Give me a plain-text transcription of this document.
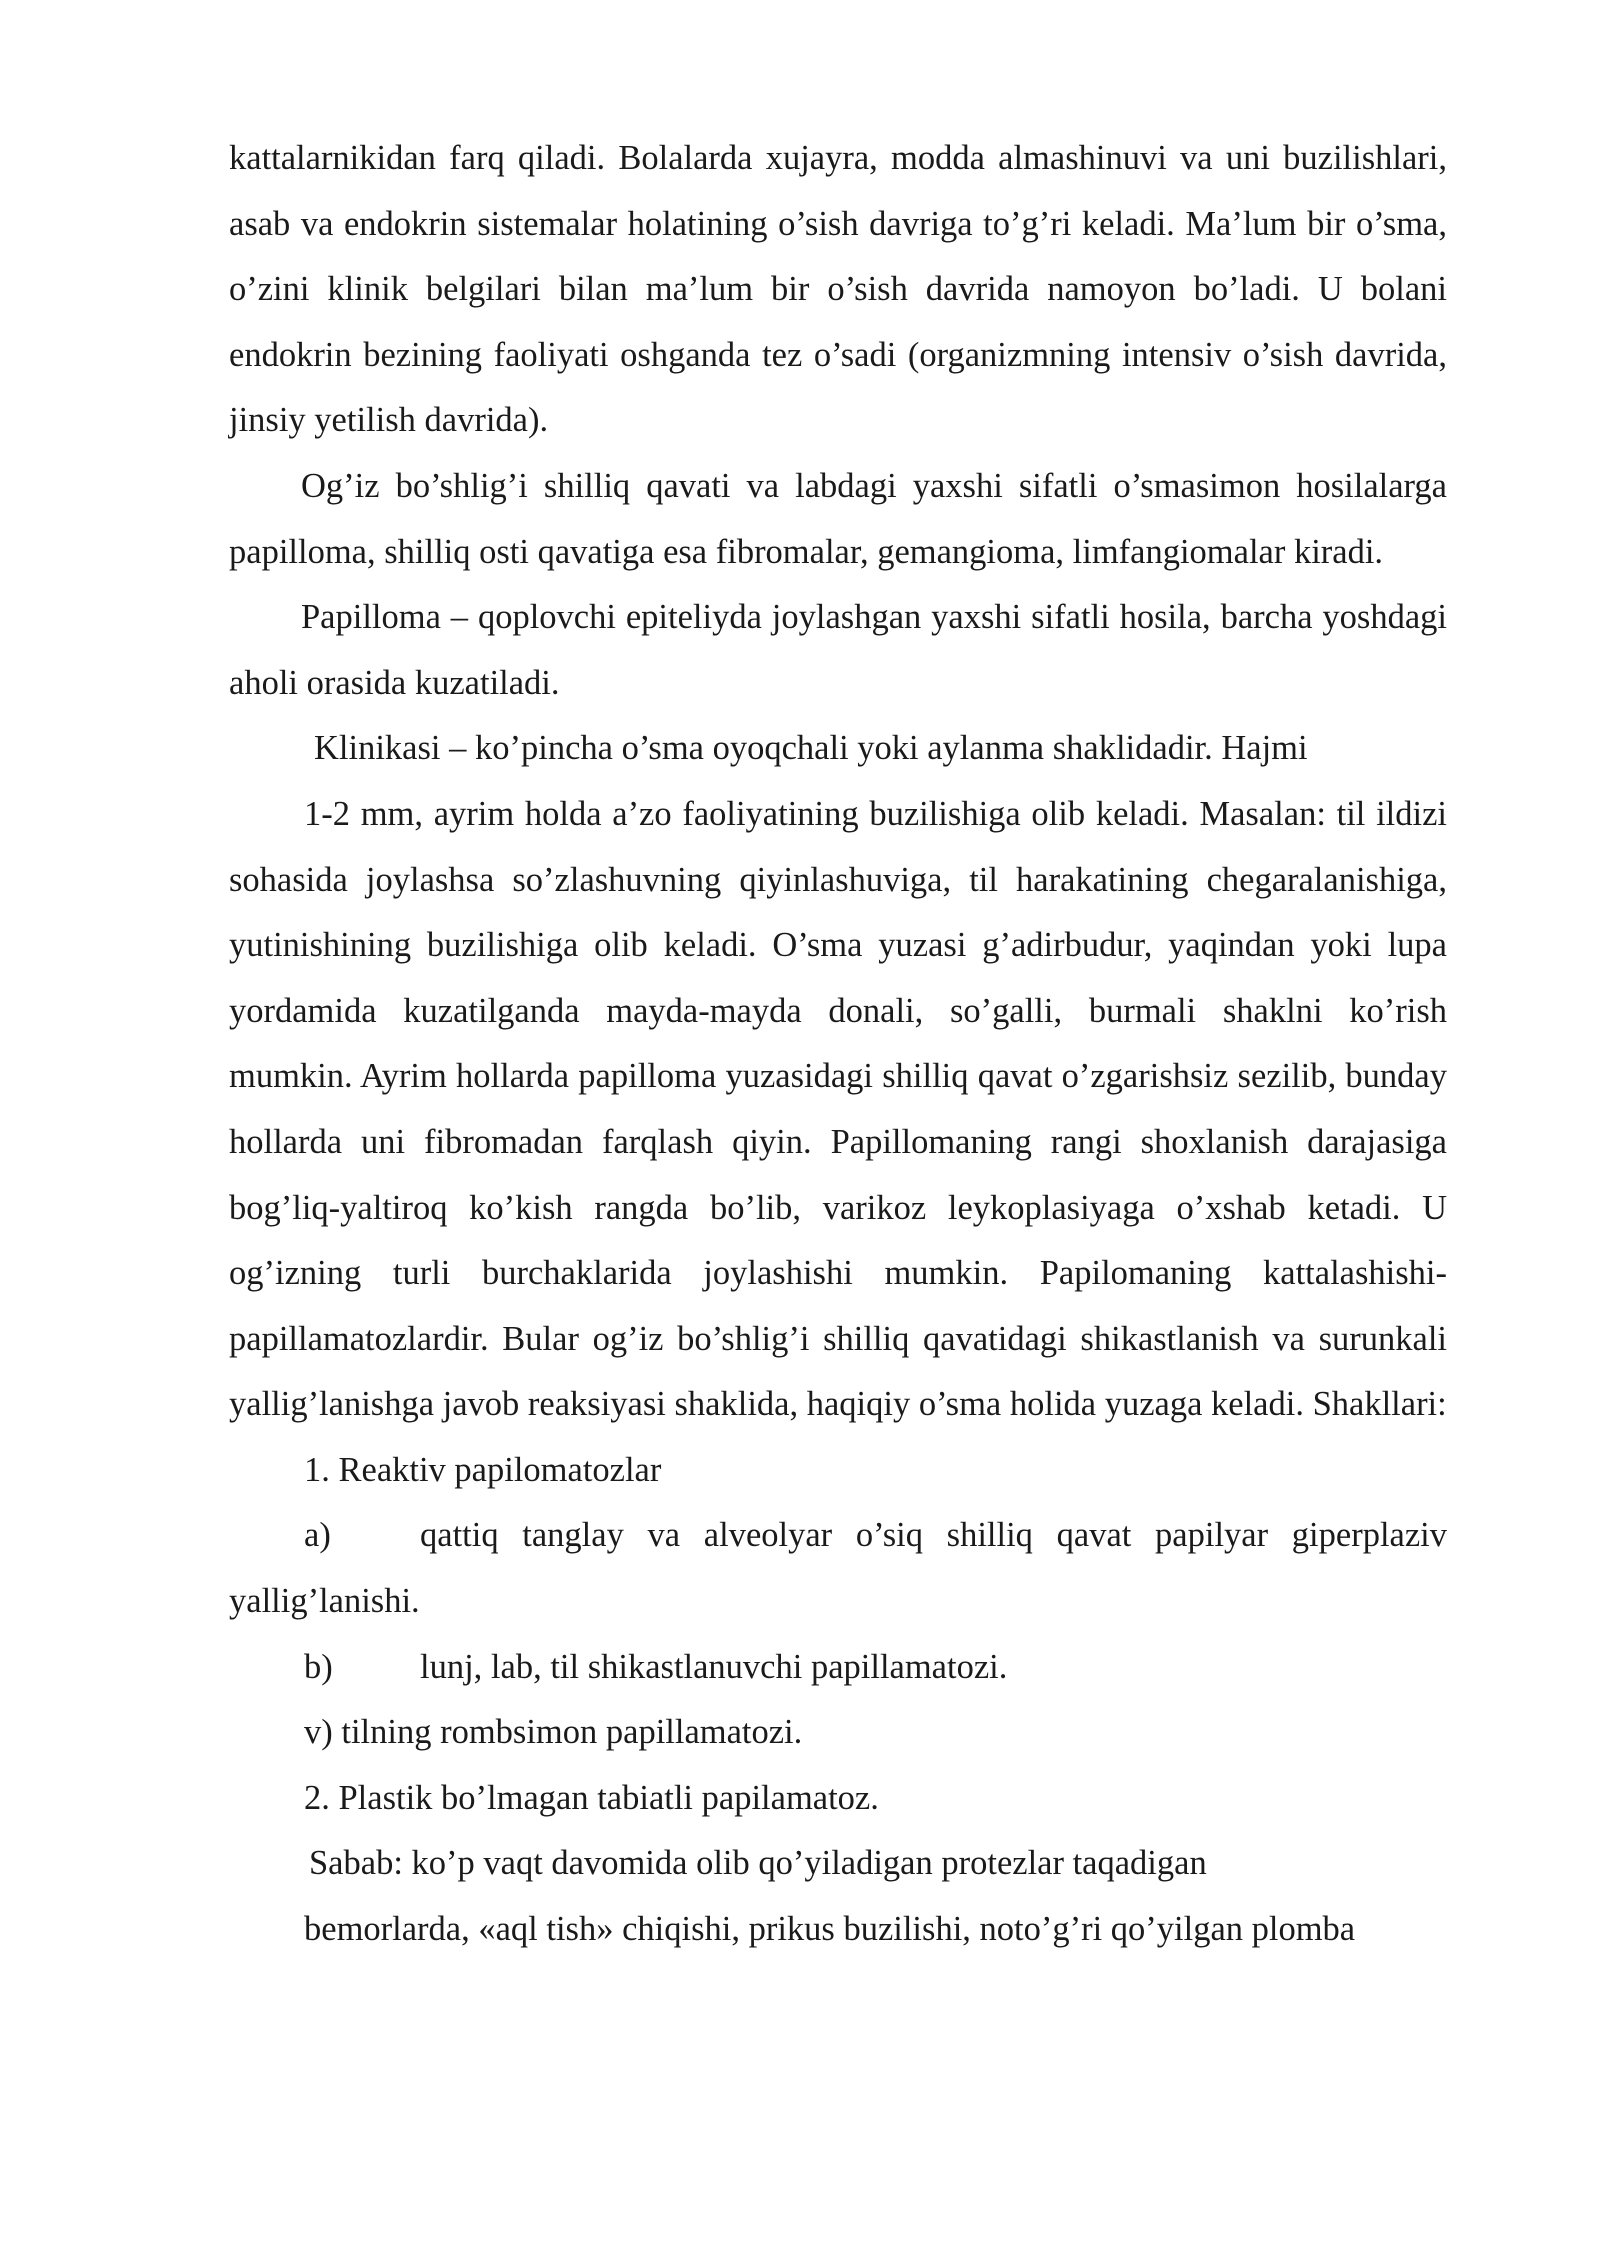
kattalarnikidan farq qiladi. Bolalarda xujayra, modda almashinuvi va uni buzilishlari, asab va endokrin sistemalar holatining o’sish davriga to’g’ri keladi. Ma’lum bir o’sma, o’zini klinik belgilari bilan ma’lum bir o’sish davrida namoyon bo’ladi. U bolani endokrin bezining faoliyati oshganda tez o’sadi (organizmning intensiv o’sish davrida, jinsiy yetilish davrida).

Og’iz bo’shlig’i shilliq qavati va labdagi yaxshi sifatli o’smasimon hosilalarga papilloma, shilliq osti qavatiga esa fibromalar, gemangioma, limfangiomalar kiradi.

Papilloma – qoplovchi epiteliyda joylashgan yaxshi sifatli hosila, barcha yoshdagi aholi orasida kuzatiladi.

Klinikasi – ko’pincha o’sma oyoqchali yoki aylanma shaklidadir. Hajmi

1-2 mm, ayrim holda a’zo faoliyatining buzilishiga olib keladi. Masalan: til ildizi sohasida joylashsa so’zlashuvning qiyinlashuviga, til harakatining chegaralanishiga, yutinishining buzilishiga olib keladi. O’sma yuzasi g’adirbudur, yaqindan yoki lupa yordamida kuzatilganda mayda-mayda donali, so’galli, burmali shaklni ko’rish mumkin. Ayrim hollarda papilloma yuzasidagi shilliq qavat o’zgarishsiz sezilib, bunday hollarda uni fibromadan farqlash qiyin. Papillomaning rangi shoxlanish darajasiga bog’liq-yaltiroq ko’kish rangda bo’lib, varikoz leykoplasiyaga o’xshab ketadi. U og’izning turli burchaklarida joylashishi mumkin. Papilomaning kattalashishi-papillamatozlardir. Bular og’iz bo’shlig’i shilliq qavatidagi shikastlanish va surunkali yallig’lanishga javob reaksiyasi shaklida, haqiqiy o’sma holida yuzaga keladi. Shakllari:

1. Reaktiv papilomatozlar

a)	qattiq tanglay va alveolyar o’siq shilliq qavat papilyar giperplaziv yallig’lanishi.

b)	lunj, lab, til shikastlanuvchi papillamatozi.

v) tilning rombsimon papillamatozi.

2. Plastik bo’lmagan tabiatli papilamatoz.

Sabab: ko’p vaqt davomida olib qo’yiladigan protezlar taqadigan

bemorlarda, «aql tish» chiqishi, prikus buzilishi, noto’g’ri qo’yilgan plomba
